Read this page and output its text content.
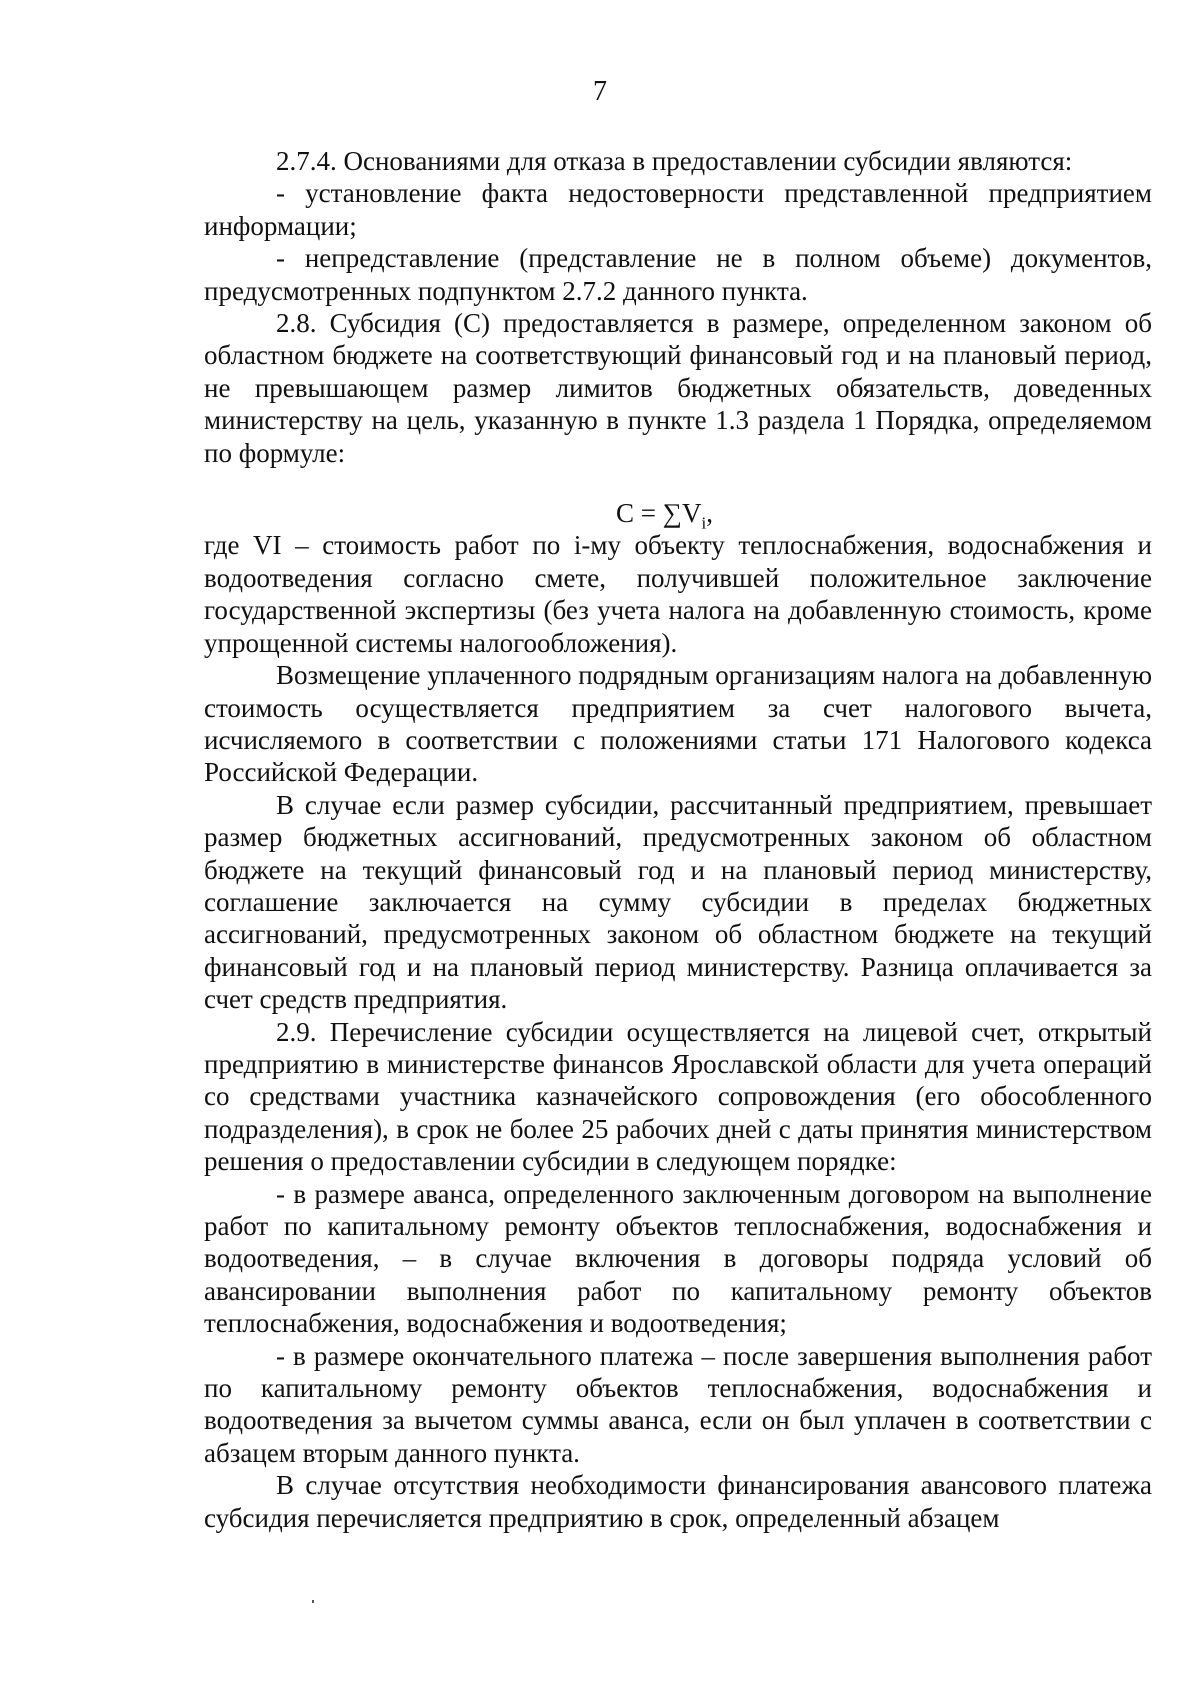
7

2.7.4. Основаниями для отказа в предоставлении субсидии являются:

- установление факта недостоверности представленной предприятием информации;

- непредставление (представление не в полном объеме) документов, предусмотренных подпунктом 2.7.2 данного пункта.

2.8. Субсидия (С) предоставляется в размере, определенном законом об областном бюджете на соответствующий финансовый год и на плановый период, не превышающем размер лимитов бюджетных обязательств, доведенных министерству на цель, указанную в пункте 1.3 раздела 1 Порядка, определяемом по формуле:

$С = \sum V_i$,

где VI – стоимость работ по i-му объекту теплоснабжения, водоснабжения и водоотведения согласно смете, получившей положительное заключение государственной экспертизы (без учета налога на добавленную стоимость, кроме упрощенной системы налогообложения).

Возмещение уплаченного подрядным организациям налога на добавленную стоимость осуществляется предприятием за счет налогового вычета, исчисляемого в соответствии с положениями статьи 171 Налогового кодекса Российской Федерации.

В случае если размер субсидии, рассчитанный предприятием, превышает размер бюджетных ассигнований, предусмотренных законом об областном бюджете на текущий финансовый год и на плановый период министерству, соглашение заключается на сумму субсидии в пределах бюджетных ассигнований, предусмотренных законом об областном бюджете на текущий финансовый год и на плановый период министерству. Разница оплачивается за счет средств предприятия.

2.9. Перечисление субсидии осуществляется на лицевой счет, открытый предприятию в министерстве финансов Ярославской области для учета операций со средствами участника казначейского сопровождения (его обособленного подразделения), в срок не более 25 рабочих дней с даты принятия министерством решения о предоставлении субсидии в следующем порядке:

- в размере аванса, определенного заключенным договором на выполнение работ по капитальному ремонту объектов теплоснабжения, водоснабжения и водоотведения, – в случае включения в договоры подряда условий об авансировании выполнения работ по капитальному ремонту объектов теплоснабжения, водоснабжения и водоотведения;

- в размере окончательного платежа – после завершения выполнения работ по капитальному ремонту объектов теплоснабжения, водоснабжения и водоотведения за вычетом суммы аванса, если он был уплачен в соответствии с абзацем вторым данного пункта.

В случае отсутствия необходимости финансирования авансового платежа субсидия перечисляется предприятию в срок, определенный абзацем
